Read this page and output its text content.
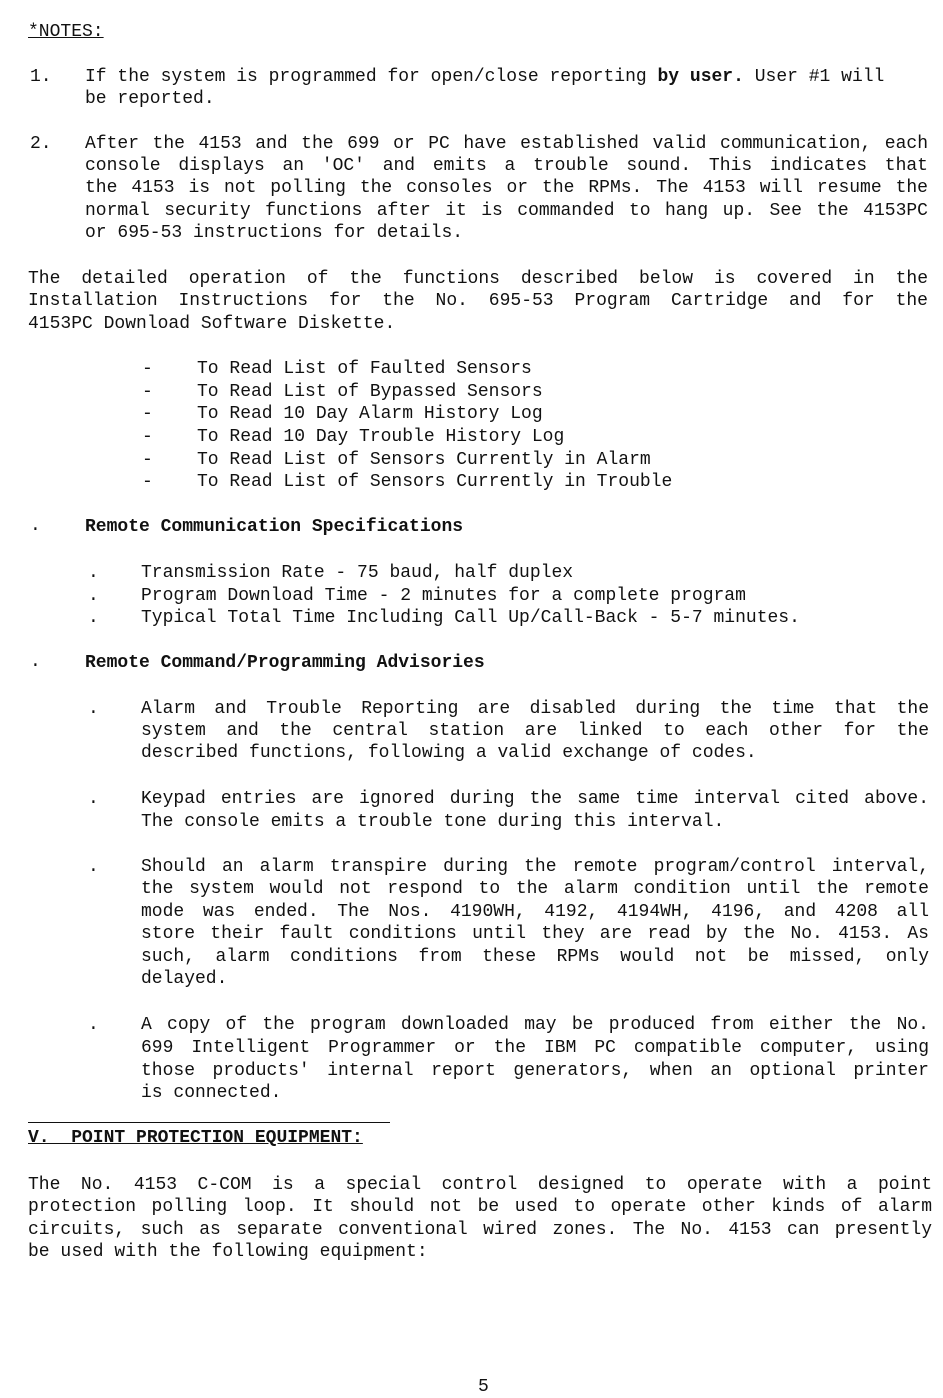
*NOTES:
1. If the system is programmed for open/close reporting by user. User #1 will
be reported.
2. After the 4153 and the 699 or PC have established valid communication, each
console displays an 'OC' and emits a trouble sound. This indicates that
the 4153 is not polling the consoles or the RPMs. The 4153 will resume the
normal security functions after it is commanded to hang up. See the 4153PC
or 695-53 instructions for details.
The detailed operation of the functions described below is covered in the
Installation Instructions for the No. 695-53 Program Cartridge and for the
4153PC Download Software Diskette.
- To Read List of Faulted Sensors
- To Read List of Bypassed Sensors
- To Read 10 Day Alarm History Log
- To Read 10 Day Trouble History Log
- To Read List of Sensors Currently in Alarm
- To Read List of Sensors Currently in Trouble
. Remote Communication Specifications
. Transmission Rate - 75 baud, half duplex
. Program Download Time - 2 minutes for a complete program
. Typical Total Time Including Call Up/Call-Back - 5-7 minutes.
. Remote Command/Programming Advisories
. Alarm and Trouble Reporting are disabled during the time that the
system and the central station are linked to each other for the
described functions, following a valid exchange of codes.
. Keypad entries are ignored during the same time interval cited above.
The console emits a trouble tone during this interval.
. Should an alarm transpire during the remote program/control interval,
the system would not respond to the alarm condition until the remote
mode was ended. The Nos. 4190WH, 4192, 4194WH, 4196, and 4208 all
store their fault conditions until they are read by the No. 4153. As
such, alarm conditions from these RPMs would not be missed, only
delayed.
. A copy of the program downloaded may be produced from either the No.
699 Intelligent Programmer or the IBM PC compatible computer, using
those products' internal report generators, when an optional printer
is connected.
V.  POINT PROTECTION EQUIPMENT:
The No. 4153 C-COM is a special control designed to operate with a point
protection polling loop. It should not be used to operate other kinds of alarm
circuits, such as separate conventional wired zones. The No. 4153 can presently
be used with the following equipment:
5
